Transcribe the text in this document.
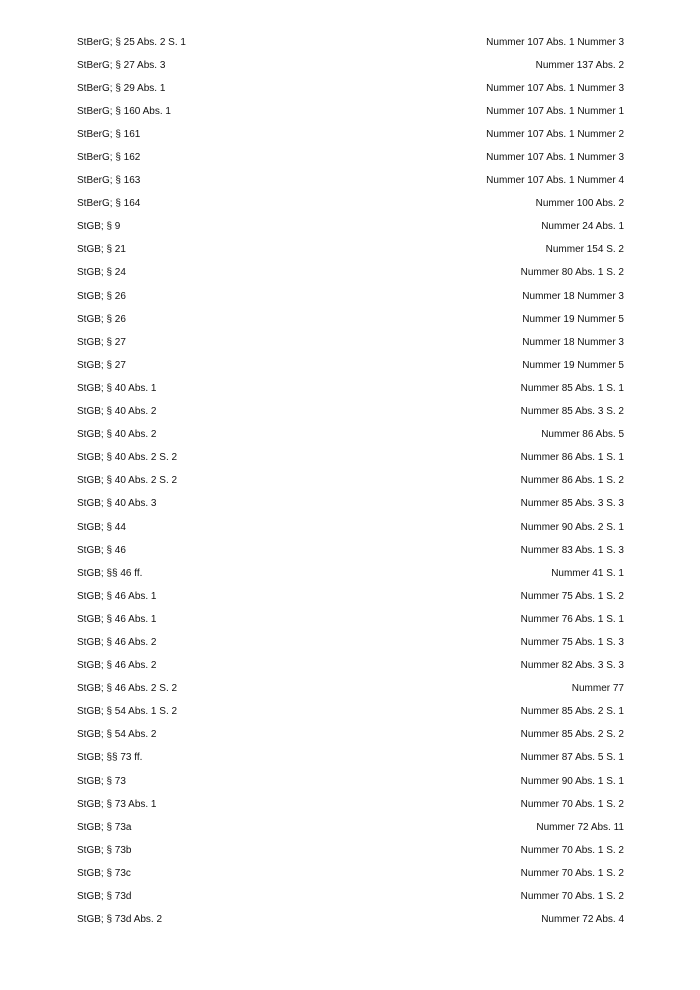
StBerG; § 25 Abs. 2 S. 1	Nummer 107 Abs. 1 Nummer 3
StBerG; § 27 Abs. 3	Nummer 137 Abs. 2
StBerG; § 29 Abs. 1	Nummer 107 Abs. 1 Nummer 3
StBerG; § 160 Abs. 1	Nummer 107 Abs. 1 Nummer 1
StBerG; § 161	Nummer 107 Abs. 1 Nummer 2
StBerG; § 162	Nummer 107 Abs. 1 Nummer 3
StBerG; § 163	Nummer 107 Abs. 1 Nummer 4
StBerG; § 164	Nummer 100 Abs. 2
StGB; § 9	Nummer 24 Abs. 1
StGB; § 21	Nummer 154 S. 2
StGB; § 24	Nummer 80 Abs. 1 S. 2
StGB; § 26	Nummer 18 Nummer 3
StGB; § 26	Nummer 19 Nummer 5
StGB; § 27	Nummer 18 Nummer 3
StGB; § 27	Nummer 19 Nummer 5
StGB; § 40 Abs. 1	Nummer 85 Abs. 1 S. 1
StGB; § 40 Abs. 2	Nummer 85 Abs. 3 S. 2
StGB; § 40 Abs. 2	Nummer 86 Abs. 5
StGB; § 40 Abs. 2 S. 2	Nummer 86 Abs. 1 S. 1
StGB; § 40 Abs. 2 S. 2	Nummer 86 Abs. 1 S. 2
StGB; § 40 Abs. 3	Nummer 85 Abs. 3 S. 3
StGB; § 44	Nummer 90 Abs. 2 S. 1
StGB; § 46	Nummer 83 Abs. 1 S. 3
StGB; §§ 46 ff.	Nummer 41 S. 1
StGB; § 46 Abs. 1	Nummer 75 Abs. 1 S. 2
StGB; § 46 Abs. 1	Nummer 76 Abs. 1 S. 1
StGB; § 46 Abs. 2	Nummer 75 Abs. 1 S. 3
StGB; § 46 Abs. 2	Nummer 82 Abs. 3 S. 3
StGB; § 46 Abs. 2 S. 2	Nummer 77
StGB; § 54 Abs. 1 S. 2	Nummer 85 Abs. 2 S. 1
StGB; § 54 Abs. 2	Nummer 85 Abs. 2 S. 2
StGB; §§ 73 ff.	Nummer 87 Abs. 5 S. 1
StGB; § 73	Nummer 90 Abs. 1 S. 1
StGB; § 73 Abs. 1	Nummer 70 Abs. 1 S. 2
StGB; § 73a	Nummer 72 Abs. 11
StGB; § 73b	Nummer 70 Abs. 1 S. 2
StGB; § 73c	Nummer 70 Abs. 1 S. 2
StGB; § 73d	Nummer 70 Abs. 1 S. 2
StGB; § 73d Abs. 2	Nummer 72 Abs. 4
